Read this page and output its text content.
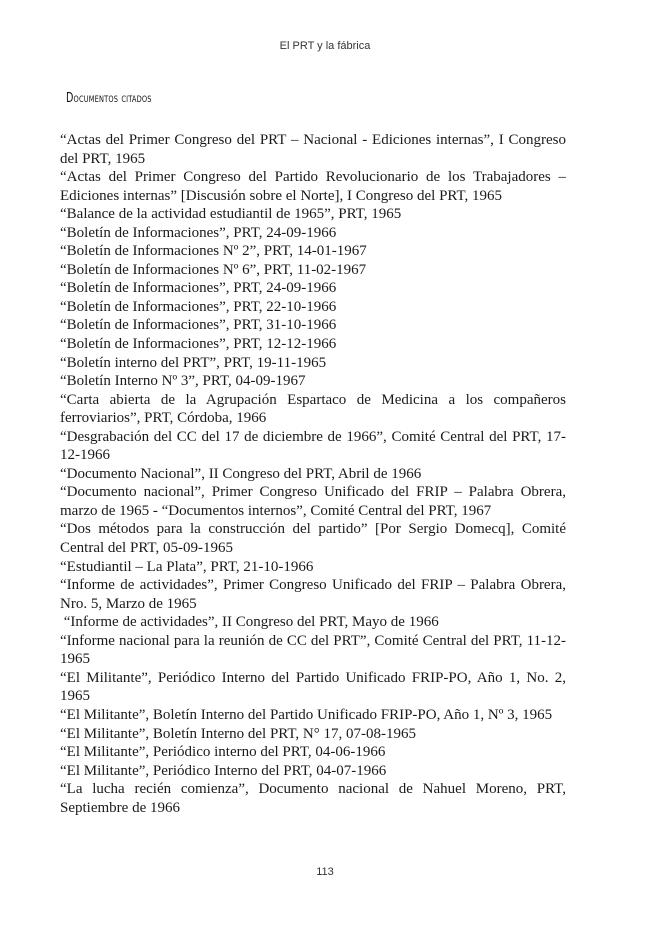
El PRT y la fábrica
Documentos citados

“Actas del Primer Congreso del PRT – Nacional - Ediciones internas”, I Congreso del PRT, 1965

“Actas del Primer Congreso del Partido Revolucionario de los Trabajadores – Ediciones internas” [Discusión sobre el Norte], I Congreso del PRT, 1965

“Balance de la actividad estudiantil de 1965”, PRT, 1965

“Boletín de Informaciones”, PRT, 24-09-1966

“Boletín de Informaciones Nº 2”, PRT, 14-01-1967

“Boletín de Informaciones Nº 6”, PRT, 11-02-1967

“Boletín de Informaciones”, PRT, 24-09-1966

“Boletín de Informaciones”, PRT, 22-10-1966

“Boletín de Informaciones”, PRT, 31-10-1966

“Boletín de Informaciones”, PRT, 12-12-1966

“Boletín interno del PRT”, PRT, 19-11-1965

“Boletín Interno Nº 3”, PRT, 04-09-1967

“Carta abierta de la Agrupación Espartaco de Medicina a los compañeros ferroviarios”, PRT, Córdoba, 1966

“Desgrabación del CC del 17 de diciembre de 1966”, Comité Central del PRT, 17-12-1966

“Documento Nacional”, II Congreso del PRT, Abril de 1966

“Documento nacional”, Primer Congreso Unificado del FRIP – Palabra Obrera, marzo de 1965 - “Documentos internos”, Comité Central del PRT, 1967

“Dos métodos para la construcción del partido” [Por Sergio Domecq], Comité Central del PRT, 05-09-1965

“Estudiantil – La Plata”, PRT, 21-10-1966

“Informe de actividades”, Primer Congreso Unificado del FRIP – Palabra Obrera, Nro. 5, Marzo de 1965

“Informe de actividades”, II Congreso del PRT, Mayo de 1966

“Informe nacional para la reunión de CC del PRT”, Comité Central del PRT, 11-12-1965

“El Militante”, Periódico Interno del Partido Unificado FRIP-PO, Año 1, No. 2, 1965

“El Militante”, Boletín Interno del Partido Unificado FRIP-PO, Año 1, Nº 3, 1965

“El Militante”, Boletín Interno del PRT, N° 17, 07-08-1965

“El Militante”, Periódico interno del PRT, 04-06-1966

“El Militante”, Periódico Interno del PRT, 04-07-1966

“La lucha recién comienza”, Documento nacional de Nahuel Moreno, PRT, Septiembre de 1966

113
